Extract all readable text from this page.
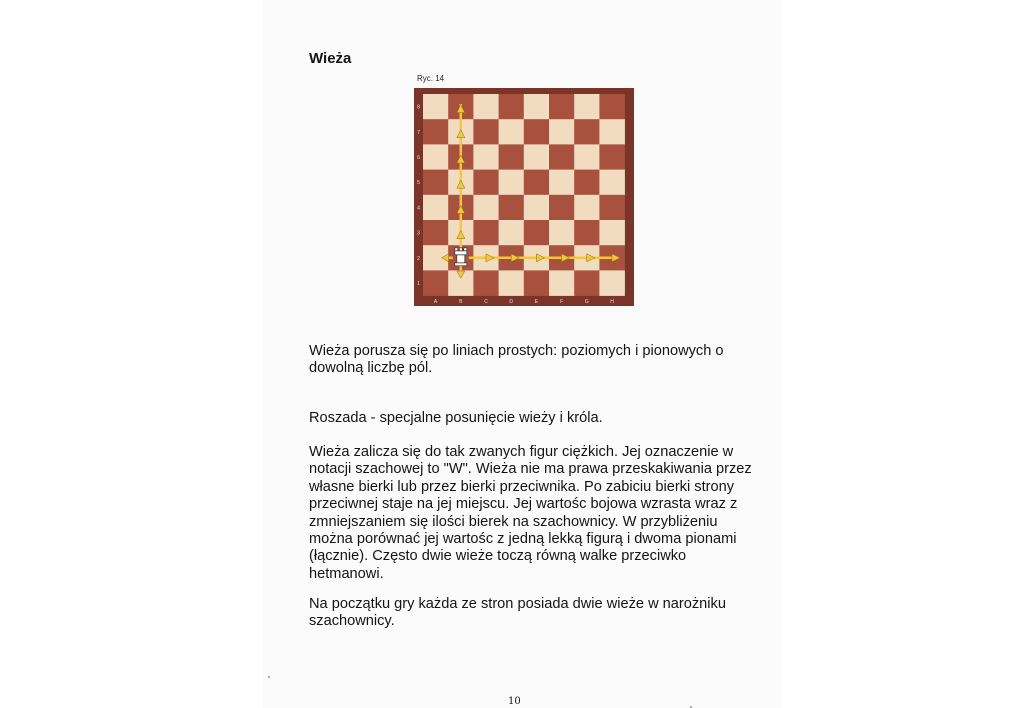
Wieża
Ryc. 14
8
7
6
5
4
3
2
1
A	B	C	D	E	F	G	H

Wieża porusza się po liniach prostych: poziomych i pionowych o dowolną liczbę pól.

Roszada - specjalne posunięcie wieży i króla.

Wieża zalicza się do tak zwanych figur ciężkich. Jej oznaczenie w notacji szachowej to "W". Wieża nie ma prawa przeskakiwania przez własne bierki lub przez bierki przeciwnika. Po zabiciu bierki strony przeciwnej staje na jej miejscu. Jej wartośc bojowa wzrasta wraz z zmniejszaniem się ilości bierek na szachownicy. W przybliżeniu można porównać jej wartośc z jedną lekką figurą i dwoma pionami (łącznie). Często dwie wieże toczą równą walke przeciwko hetmanowi.

Na początku gry każda ze stron posiada dwie wieże w narożniku szachownicy.

10
